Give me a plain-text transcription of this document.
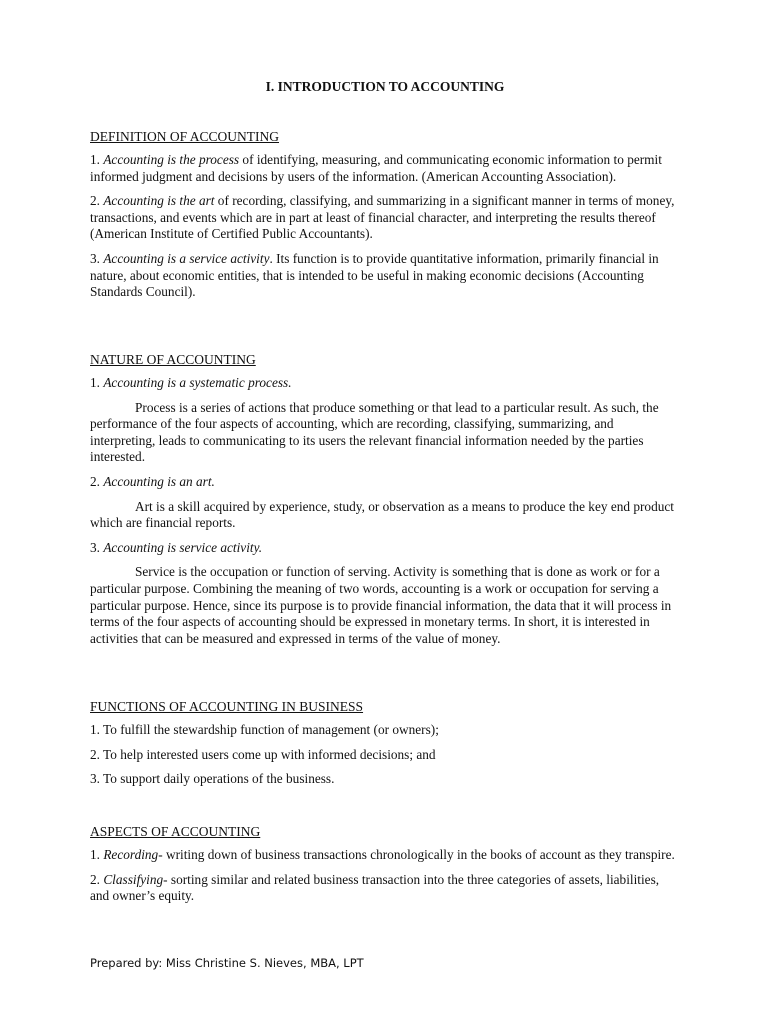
I. INTRODUCTION TO ACCOUNTING
DEFINITION OF ACCOUNTING

1. Accounting is the process of identifying, measuring, and communicating economic information to permit informed judgment and decisions by users of the information. (American Accounting Association).

2. Accounting is the art of recording, classifying, and summarizing in a significant manner in terms of money, transactions, and events which are in part at least of financial character, and interpreting the results thereof (American Institute of Certified Public Accountants).

3. Accounting is a service activity. Its function is to provide quantitative information, primarily financial in nature, about economic entities, that is intended to be useful in making economic decisions (Accounting Standards Council).

NATURE OF ACCOUNTING

1. Accounting is a systematic process.

Process is a series of actions that produce something or that lead to a particular result. As such, the performance of the four aspects of accounting, which are recording, classifying, summarizing, and interpreting, leads to communicating to its users the relevant financial information needed by the parties interested.

2. Accounting is an art.

Art is a skill acquired by experience, study, or observation as a means to produce the key end product which are financial reports.

3. Accounting is service activity.

Service is the occupation or function of serving. Activity is something that is done as work or for a particular purpose. Combining the meaning of two words, accounting is a work or occupation for serving a particular purpose. Hence, since its purpose is to provide financial information, the data that it will process in terms of the four aspects of accounting should be expressed in monetary terms. In short, it is interested in activities that can be measured and expressed in terms of the value of money.

FUNCTIONS OF ACCOUNTING IN BUSINESS

1. To fulfill the stewardship function of management (or owners);

2. To help interested users come up with informed decisions; and

3. To support daily operations of the business.

ASPECTS OF ACCOUNTING

1. Recording- writing down of business transactions chronologically in the books of account as they transpire.

2. Classifying- sorting similar and related business transaction into the three categories of assets, liabilities, and owner’s equity.

Prepared by: Miss Christine S. Nieves, MBA, LPT
